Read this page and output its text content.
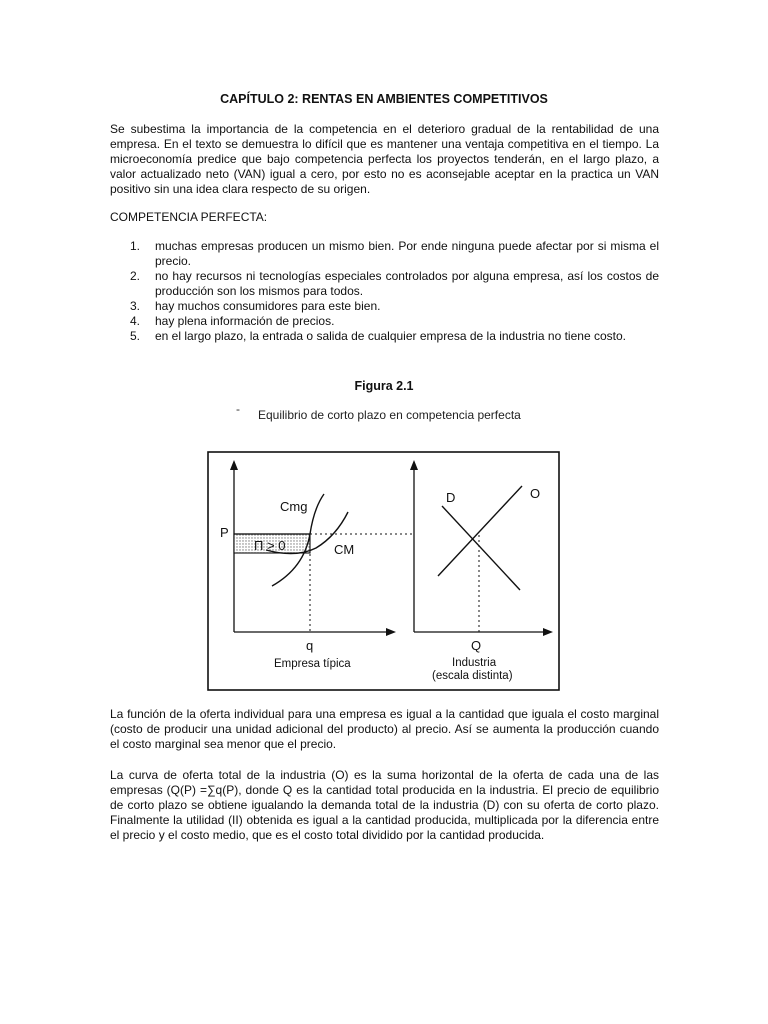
CAPÍTULO 2: RENTAS EN AMBIENTES COMPETITIVOS
Se subestima la importancia de la competencia en el deterioro gradual de la rentabilidad de una empresa. En el texto se demuestra lo difícil que es mantener una ventaja competitiva en el tiempo. La microeconomía predice que bajo competencia perfecta los proyectos tenderán, en el largo plazo, a valor actualizado neto (VAN) igual a cero, por esto no es aconsejable aceptar en la practica un VAN positivo sin una idea clara respecto de su origen.
COMPETENCIA PERFECTA:
1. muchas empresas producen un mismo bien. Por ende ninguna puede afectar por si misma el precio.
2. no hay recursos ni tecnologías especiales controlados por alguna empresa, así los costos de producción son los mismos para todos.
3. hay muchos consumidores para este bien.
4. hay plena información de precios.
5. en el largo plazo, la entrada o salida de cualquier empresa de la industria no tiene costo.
Figura 2.1
- Equilibrio de corto plazo en competencia perfecta
P
Cmg
CM
Π > 0
q
Empresa típica
D	O
Q
Industria
(escala distinta)
La función de la oferta individual para una empresa es igual a la cantidad que iguala el costo marginal (costo de producir una unidad adicional del producto) al precio. Así se aumenta la producción cuando el costo marginal sea menor que el precio.
La curva de oferta total de la industria (O) es la suma horizontal de la oferta de cada una de las empresas (Q(P) =∑q(P), donde Q es la cantidad total producida en la industria. El precio de equilibrio de corto plazo se obtiene igualando la demanda total de la industria (D) con su oferta de corto plazo. Finalmente la utilidad (II) obtenida es igual a la cantidad producida, multiplicada por la diferencia entre el precio y el costo medio, que es el costo total dividido por la cantidad producida.
